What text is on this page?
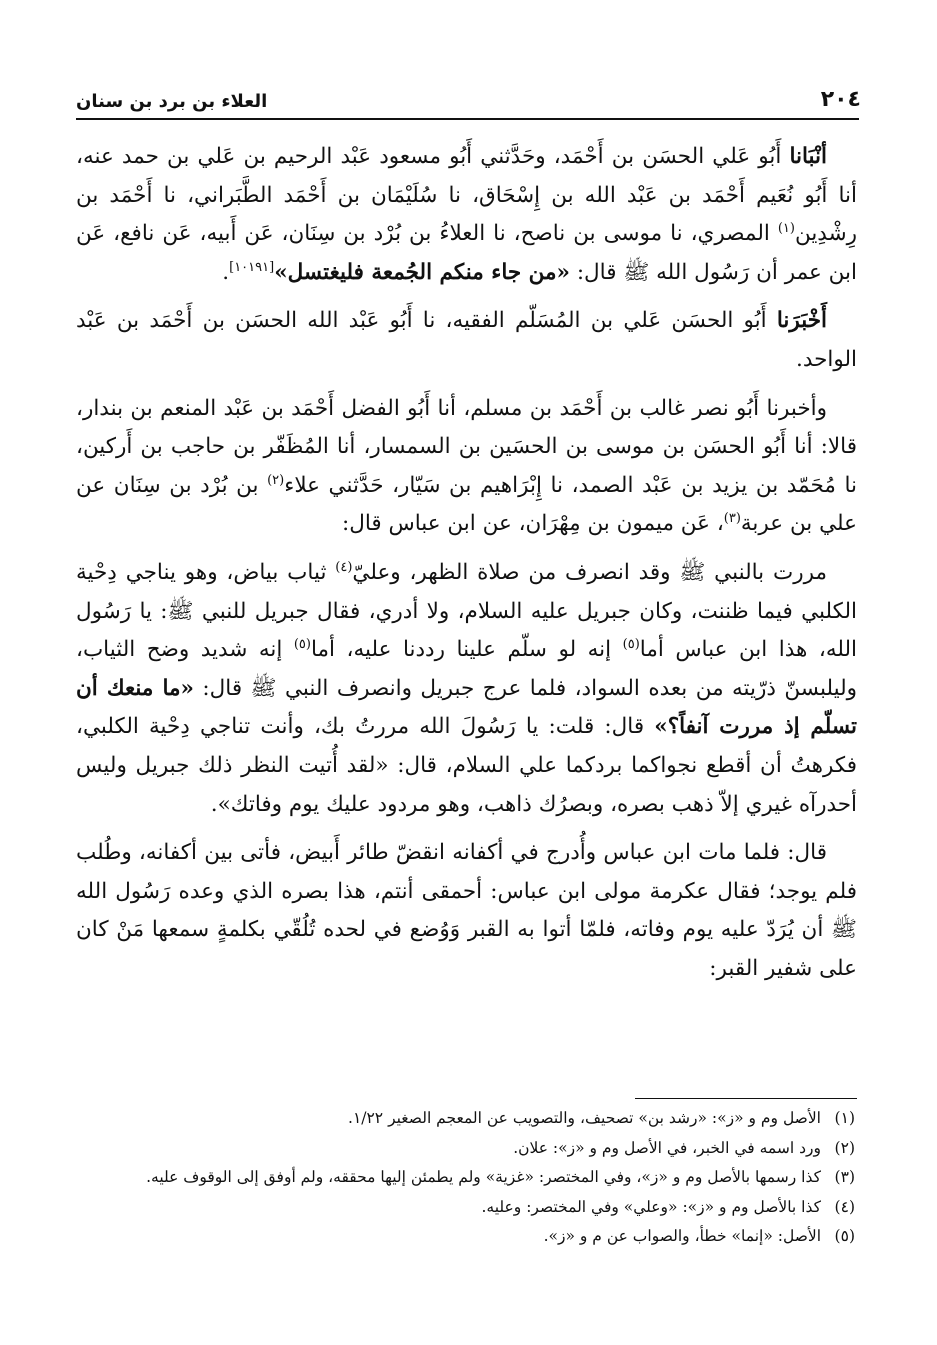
٢٠٤
العلاء بن برد بن سنان

أنْبَانا أَبُو عَلي الحسَن بن أَحْمَد، وحَدَّثني أَبُو مسعود عَبْد الرحيم بن عَلي بن حمد عنه، أنا أَبُو نُعَيم أَحْمَد بن عَبْد الله بن إِسْحَاق، نا سُلَيْمَان بن أَحْمَد الطَّبَراني، نا أَحْمَد بن رِشْدِين$^{(١)}$ المصري، نا موسى بن ناصح، نا العلاءُ بن بُرْد بن سِنَان، عَن أَبيه، عَن نافع، عَن ابن عمر أن رَسُول الله ﷺ قال: «من جاء منكم الجُمعة فليغتسل»[١٠١٩١].

أَخْبَرَنا أَبُو الحسَن عَلي بن المُسَلّم الفقيه، نا أَبُو عَبْد الله الحسَن بن أَحْمَد بن عَبْد الواحد.

وأخبرنا أَبُو نصر غالب بن أَحْمَد بن مسلم، أنا أَبُو الفضل أَحْمَد بن عَبْد المنعم بن بندار، قالا: أنا أَبُو الحسَن بن موسى بن الحسَين بن السمسار، أنا المُظَفّر بن حاجب بن أَركين، نا مُحَمّد بن يزيد بن عَبْد الصمد، نا إِبْرَاهيم بن سَيّار، حَدَّثني علاء$^{(٢)}$ بن بُرْد بن سِنَان عن علي بن عربة$^{(٣)}$، عَن ميمون بن مِهْرَان، عن ابن عباس قال:

مررت بالنبي ﷺ وقد انصرف من صلاة الظهر، وعليّ$^{(٤)}$ ثياب بياض، وهو يناجي دِحْية الكلبي فيما ظننت، وكان جبريل عليه السلام، ولا أدري، فقال جبريل للنبي ﷺ: يا رَسُول الله، هذا ابن عباس أما$^{(٥)}$ إنه لو سلّم علينا رددنا عليه، أما$^{(٥)}$ إنه شديد وضح الثياب، وليلبسنّ ذرّيته من بعده السواد، فلما عرج جبريل وانصرف النبي ﷺ قال: «ما منعك أن تسلّم إذ مررت آنفاً؟» قال: قلت: يا رَسُولَ الله مررتُ بك، وأنت تناجي دِحْية الكلبي، فكرهتُ أن أقطع نجواكما بردكما علي السلام، قال: «لقد أُتيت النظر ذلك جبريل وليس أحدرآه غيري إلاّ ذهب بصره، وبصرُك ذاهب، وهو مردود عليك يوم وفاتك».

قال: فلما مات ابن عباس وأُدرج في أكفانه انقضّ طائر أَبيض، فأتى بين أكفانه، وطُلب فلم يوجد؛ فقال عكرمة مولى ابن عباس: أحمقى أنتم، هذا بصره الذي وعده رَسُول الله ﷺ أن يُرَدّ عليه يوم وفاته، فلمّا أتوا به القبر وَوُضع في لحده تُلُقّي بكلمةٍ سمعها مَنْ كان على شفير القبر:

(١)
الأصل وم و «ز»: «رشد بن» تصحيف، والتصويب عن المعجم الصغير ١/٢٢.
(٢)
ورد اسمه في الخبر، في الأصل وم و «ز»: علان.
(٣)
كذا رسمها بالأصل وم و «ز»، وفي المختصر: «غزية» ولم يطمئن إليها محققه، ولم أوفق إلى الوقوف عليه.
(٤)
كذا بالأصل وم و «ز»: «وعلي» وفي المختصر: وعليه.
(٥)
الأصل: «إنما» خطأ، والصواب عن م و «ز».
